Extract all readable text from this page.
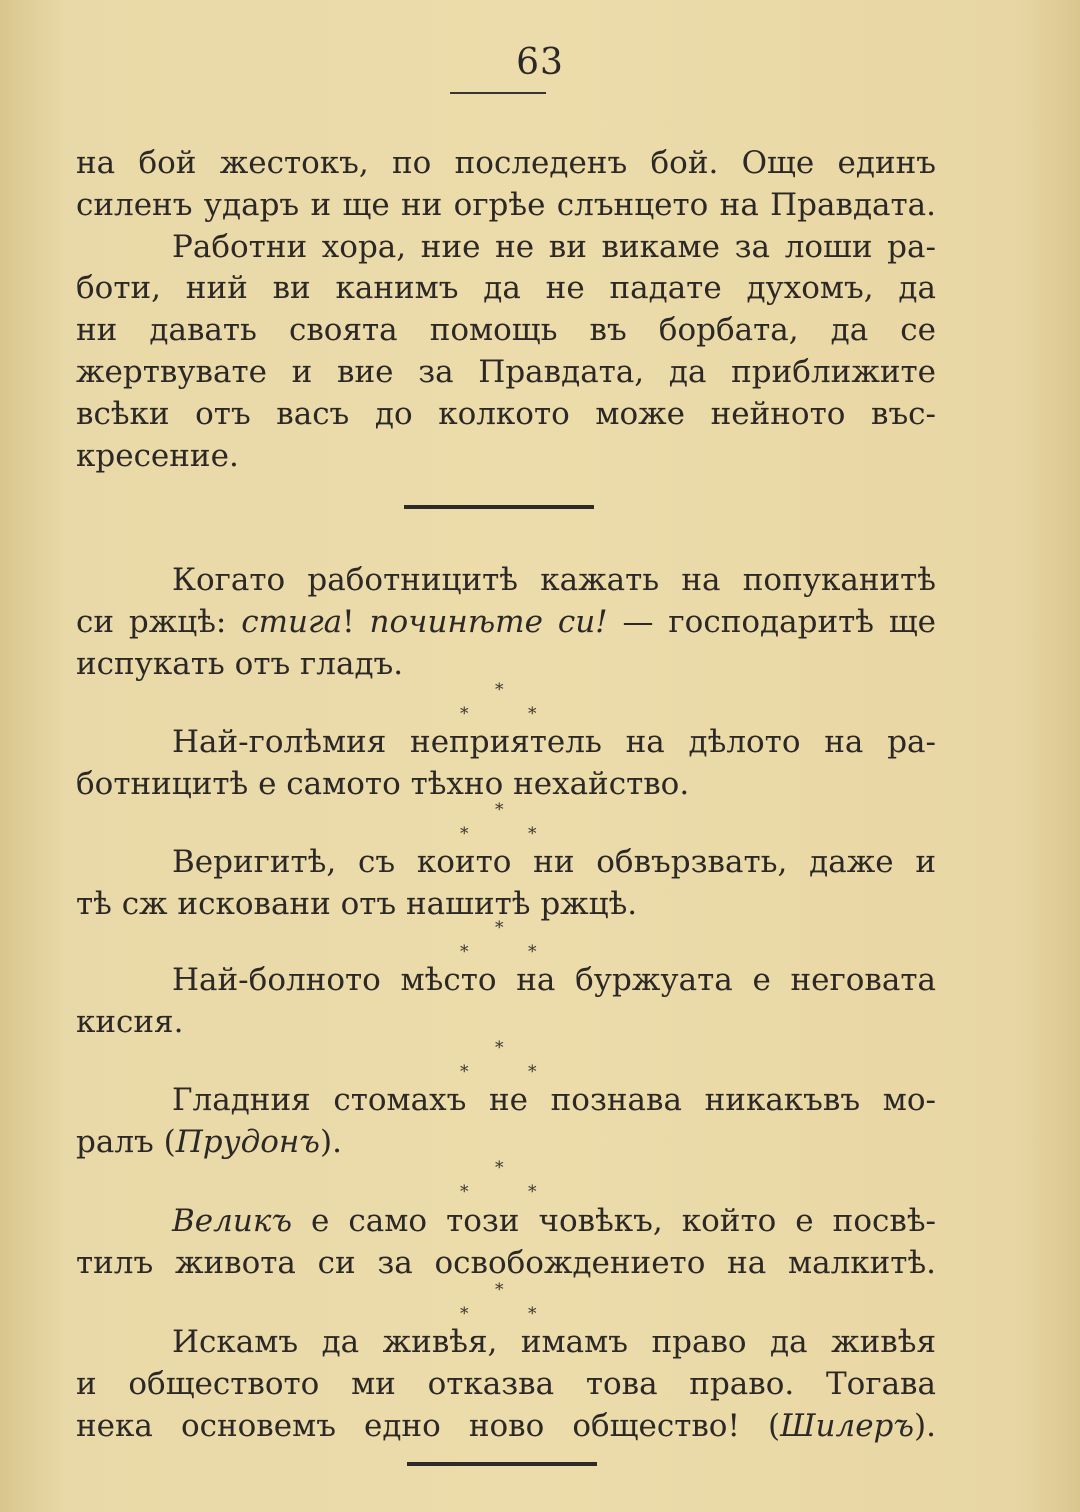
63
на бой жестокъ, по последенъ бой. Още единъ
силенъ ударъ и ще ни огрѣе слънцето на Правдата.
Работни хора, ние не ви викаме за лоши ра-
боти, ний ви канимъ да не падате духомъ, да
ни давать своята помощь въ борбата, да се
жертвувате и вие за Правдата, да приближите
всѣки отъ васъ до колкото може нейното въс-
кресение.
Когато работницитѣ кажать на попуканитѣ
си ржцѣ: стига! починѣте си! — господаритѣ ще
испукать отъ гладъ.
*
*	*
Най-голѣмия неприятель на дѣлото на ра-
ботницитѣ е самото тѣхно нехайство.
*
*	*
Веригитѣ, съ които ни обвързвать, даже и
тѣ сж исковани отъ нашитѣ ржцѣ.
*
*	*
Най-болното мѣсто на буржуата е неговата
кисия.
*
*	*
Гладния стомахъ не познава никакъвъ мо-
ралъ (Прудонъ).
*
*	*
Великъ е само този човѣкъ, който е посвѣ-
тилъ живота си за освобождението на малкитѣ.
*
*	*
Искамъ да живѣя, имамъ право да живѣя
и обществото ми отказва това право. Тогава
нека основемъ едно ново общество! (Шилеръ).
